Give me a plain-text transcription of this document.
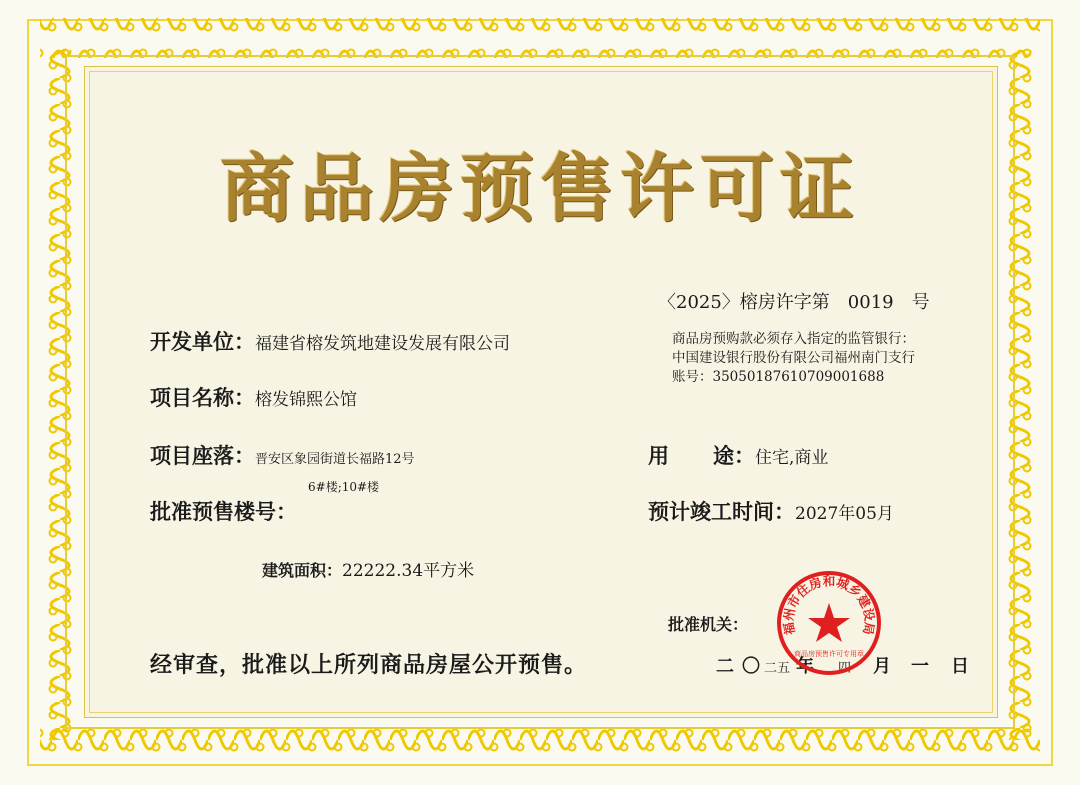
商品房预售许可证
〈2025〉榕房许字第　0019　号
商品房预购款必须存入指定的监管银行：
中国建设银行股份有限公司福州南门支行
账号：35050187610709001688
开发单位：福建省榕发筑地建设发展有限公司
项目名称：榕发锦熙公馆
项目座落：晋安区象园街道长福路12号
6#楼;10#楼
批准预售楼号：
建筑面积：22222.34平方米
经审查，批准以上所列商品房屋公开预售。
用 途：住宅,商业
预计竣工时间：2027年05月
批准机关：
二 〇 二五 年 四 月 一 日
福州市住房和城乡建设局
商品房预售许可专用章
